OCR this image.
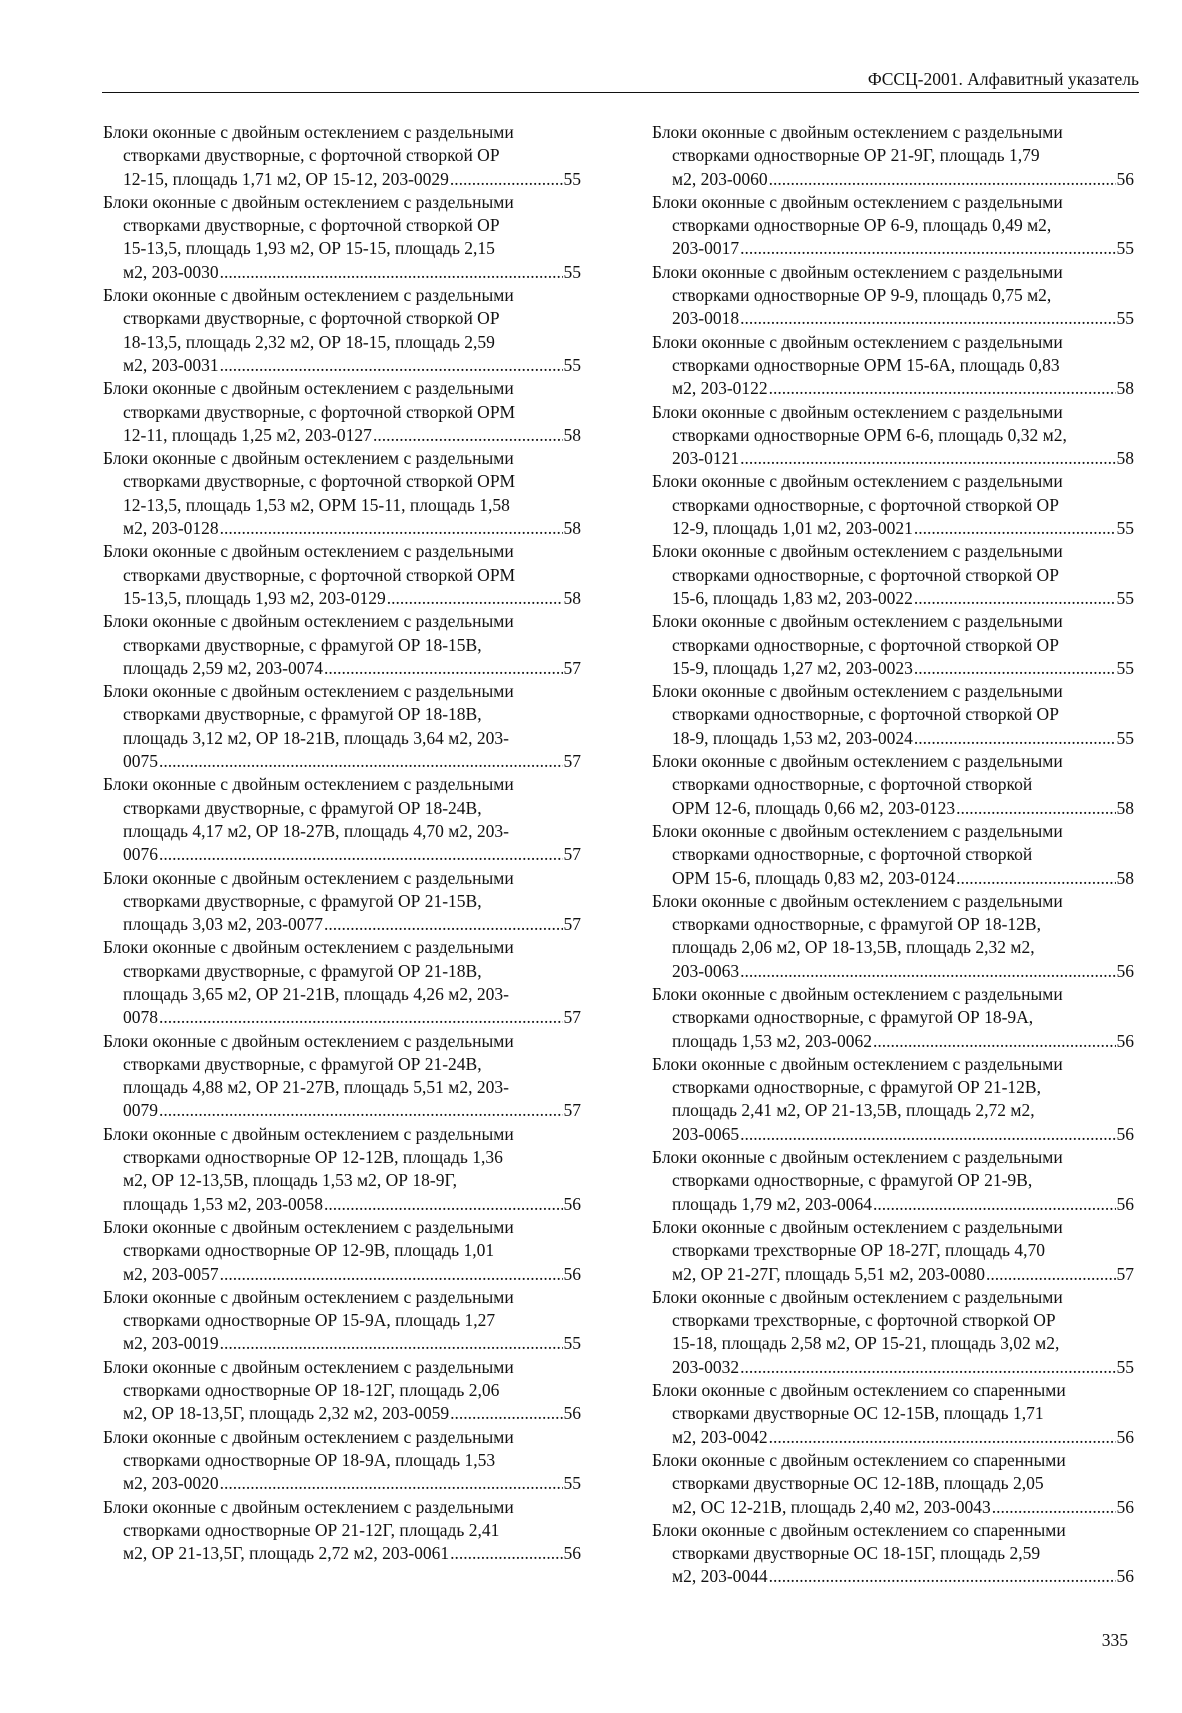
ФССЦ-2001. Алфавитный указатель
Блоки оконные с двойным остеклением с раздельными
створками двустворные, с форточной створкой ОР
12-15, площадь 1,71 м2, ОР 15-12, 203-0029 .....	55
Блоки оконные с двойным остеклением с раздельными
створками двустворные, с форточной створкой ОР
15-13,5, площадь 1,93 м2, ОР 15-15, площадь 2,15
м2, 203-0030 .....	55
Блоки оконные с двойным остеклением с раздельными
створками двустворные, с форточной створкой ОР
18-13,5, площадь 2,32 м2, ОР 18-15, площадь 2,59
м2, 203-0031 .....	55
Блоки оконные с двойным остеклением с раздельными
створками двустворные, с форточной створкой ОРМ
12-11, площадь 1,25 м2, 203-0127 .....	58
Блоки оконные с двойным остеклением с раздельными
створками двустворные, с форточной створкой ОРМ
12-13,5, площадь 1,53 м2, ОРМ 15-11, площадь 1,58
м2, 203-0128 .....	58
Блоки оконные с двойным остеклением с раздельными
створками двустворные, с форточной створкой ОРМ
15-13,5, площадь 1,93 м2, 203-0129 .....	58
Блоки оконные с двойным остеклением с раздельными
створками двустворные, с фрамугой ОР 18-15В,
площадь 2,59 м2, 203-0074 .....	57
Блоки оконные с двойным остеклением с раздельными
створками двустворные, с фрамугой ОР 18-18В,
площадь 3,12 м2, ОР 18-21В, площадь 3,64 м2, 203-
0075 .....	57
Блоки оконные с двойным остеклением с раздельными
створками двустворные, с фрамугой ОР 18-24В,
площадь 4,17 м2, ОР 18-27В, площадь 4,70 м2, 203-
0076 .....	57
Блоки оконные с двойным остеклением с раздельными
створками двустворные, с фрамугой ОР 21-15В,
площадь 3,03 м2, 203-0077 .....	57
Блоки оконные с двойным остеклением с раздельными
створками двустворные, с фрамугой ОР 21-18В,
площадь 3,65 м2, ОР 21-21В, площадь 4,26 м2, 203-
0078 .....	57
Блоки оконные с двойным остеклением с раздельными
створками двустворные, с фрамугой ОР 21-24В,
площадь 4,88 м2, ОР 21-27В, площадь 5,51 м2, 203-
0079 .....	57
Блоки оконные с двойным остеклением с раздельными
створками одностворные ОР 12-12В, площадь 1,36
м2, ОР 12-13,5В, площадь 1,53 м2, ОР 18-9Г,
площадь 1,53 м2, 203-0058 .....	56
Блоки оконные с двойным остеклением с раздельными
створками одностворные ОР 12-9В, площадь 1,01
м2, 203-0057 .....	56
Блоки оконные с двойным остеклением с раздельными
створками одностворные ОР 15-9А, площадь 1,27
м2, 203-0019 .....	55
Блоки оконные с двойным остеклением с раздельными
створками одностворные ОР 18-12Г, площадь 2,06
м2, ОР 18-13,5Г, площадь 2,32 м2, 203-0059 .....	56
Блоки оконные с двойным остеклением с раздельными
створками одностворные ОР 18-9А, площадь 1,53
м2, 203-0020 .....	55
Блоки оконные с двойным остеклением с раздельными
створками одностворные ОР 21-12Г, площадь 2,41
м2, ОР 21-13,5Г, площадь 2,72 м2, 203-0061 .....	56
Блоки оконные с двойным остеклением с раздельными
створками одностворные ОР 21-9Г, площадь 1,79
м2, 203-0060 .....	56
Блоки оконные с двойным остеклением с раздельными
створками одностворные ОР 6-9, площадь 0,49 м2,
203-0017 .....	55
Блоки оконные с двойным остеклением с раздельными
створками одностворные ОР 9-9, площадь 0,75 м2,
203-0018 .....	55
Блоки оконные с двойным остеклением с раздельными
створками одностворные ОРМ 15-6А, площадь 0,83
м2, 203-0122 .....	58
Блоки оконные с двойным остеклением с раздельными
створками одностворные ОРМ 6-6, площадь 0,32 м2,
203-0121 .....	58
Блоки оконные с двойным остеклением с раздельными
створками одностворные, с форточной створкой ОР
12-9, площадь 1,01 м2, 203-0021 .....	55
Блоки оконные с двойным остеклением с раздельными
створками одностворные, с форточной створкой ОР
15-6, площадь 1,83 м2, 203-0022 .....	55
Блоки оконные с двойным остеклением с раздельными
створками одностворные, с форточной створкой ОР
15-9, площадь 1,27 м2, 203-0023 .....	55
Блоки оконные с двойным остеклением с раздельными
створками одностворные, с форточной створкой ОР
18-9, площадь 1,53 м2, 203-0024 .....	55
Блоки оконные с двойным остеклением с раздельными
створками одностворные, с форточной створкой
ОРМ 12-6, площадь 0,66 м2, 203-0123 .....	58
Блоки оконные с двойным остеклением с раздельными
створками одностворные, с форточной створкой
ОРМ 15-6, площадь 0,83 м2, 203-0124 .....	58
Блоки оконные с двойным остеклением с раздельными
створками одностворные, с фрамугой ОР 18-12В,
площадь 2,06 м2, ОР 18-13,5В, площадь 2,32 м2,
203-0063 .....	56
Блоки оконные с двойным остеклением с раздельными
створками одностворные, с фрамугой ОР 18-9А,
площадь 1,53 м2, 203-0062 .....	56
Блоки оконные с двойным остеклением с раздельными
створками одностворные, с фрамугой ОР 21-12В,
площадь 2,41 м2, ОР 21-13,5В, площадь 2,72 м2,
203-0065 .....	56
Блоки оконные с двойным остеклением с раздельными
створками одностворные, с фрамугой ОР 21-9В,
площадь 1,79 м2, 203-0064 .....	56
Блоки оконные с двойным остеклением с раздельными
створками трехстворные ОР 18-27Г, площадь 4,70
м2, ОР 21-27Г, площадь 5,51 м2, 203-0080 .....	57
Блоки оконные с двойным остеклением с раздельными
створками трехстворные, с форточной створкой ОР
15-18, площадь 2,58 м2, ОР 15-21, площадь 3,02 м2,
203-0032 .....	55
Блоки оконные с двойным остеклением со спаренными
створками двустворные ОС 12-15В, площадь 1,71
м2, 203-0042 .....	56
Блоки оконные с двойным остеклением со спаренными
створками двустворные ОС 12-18В, площадь 2,05
м2, ОС 12-21В, площадь 2,40 м2, 203-0043 .....	56
Блоки оконные с двойным остеклением со спаренными
створками двустворные ОС 18-15Г, площадь 2,59
м2, 203-0044 .....	56
335
